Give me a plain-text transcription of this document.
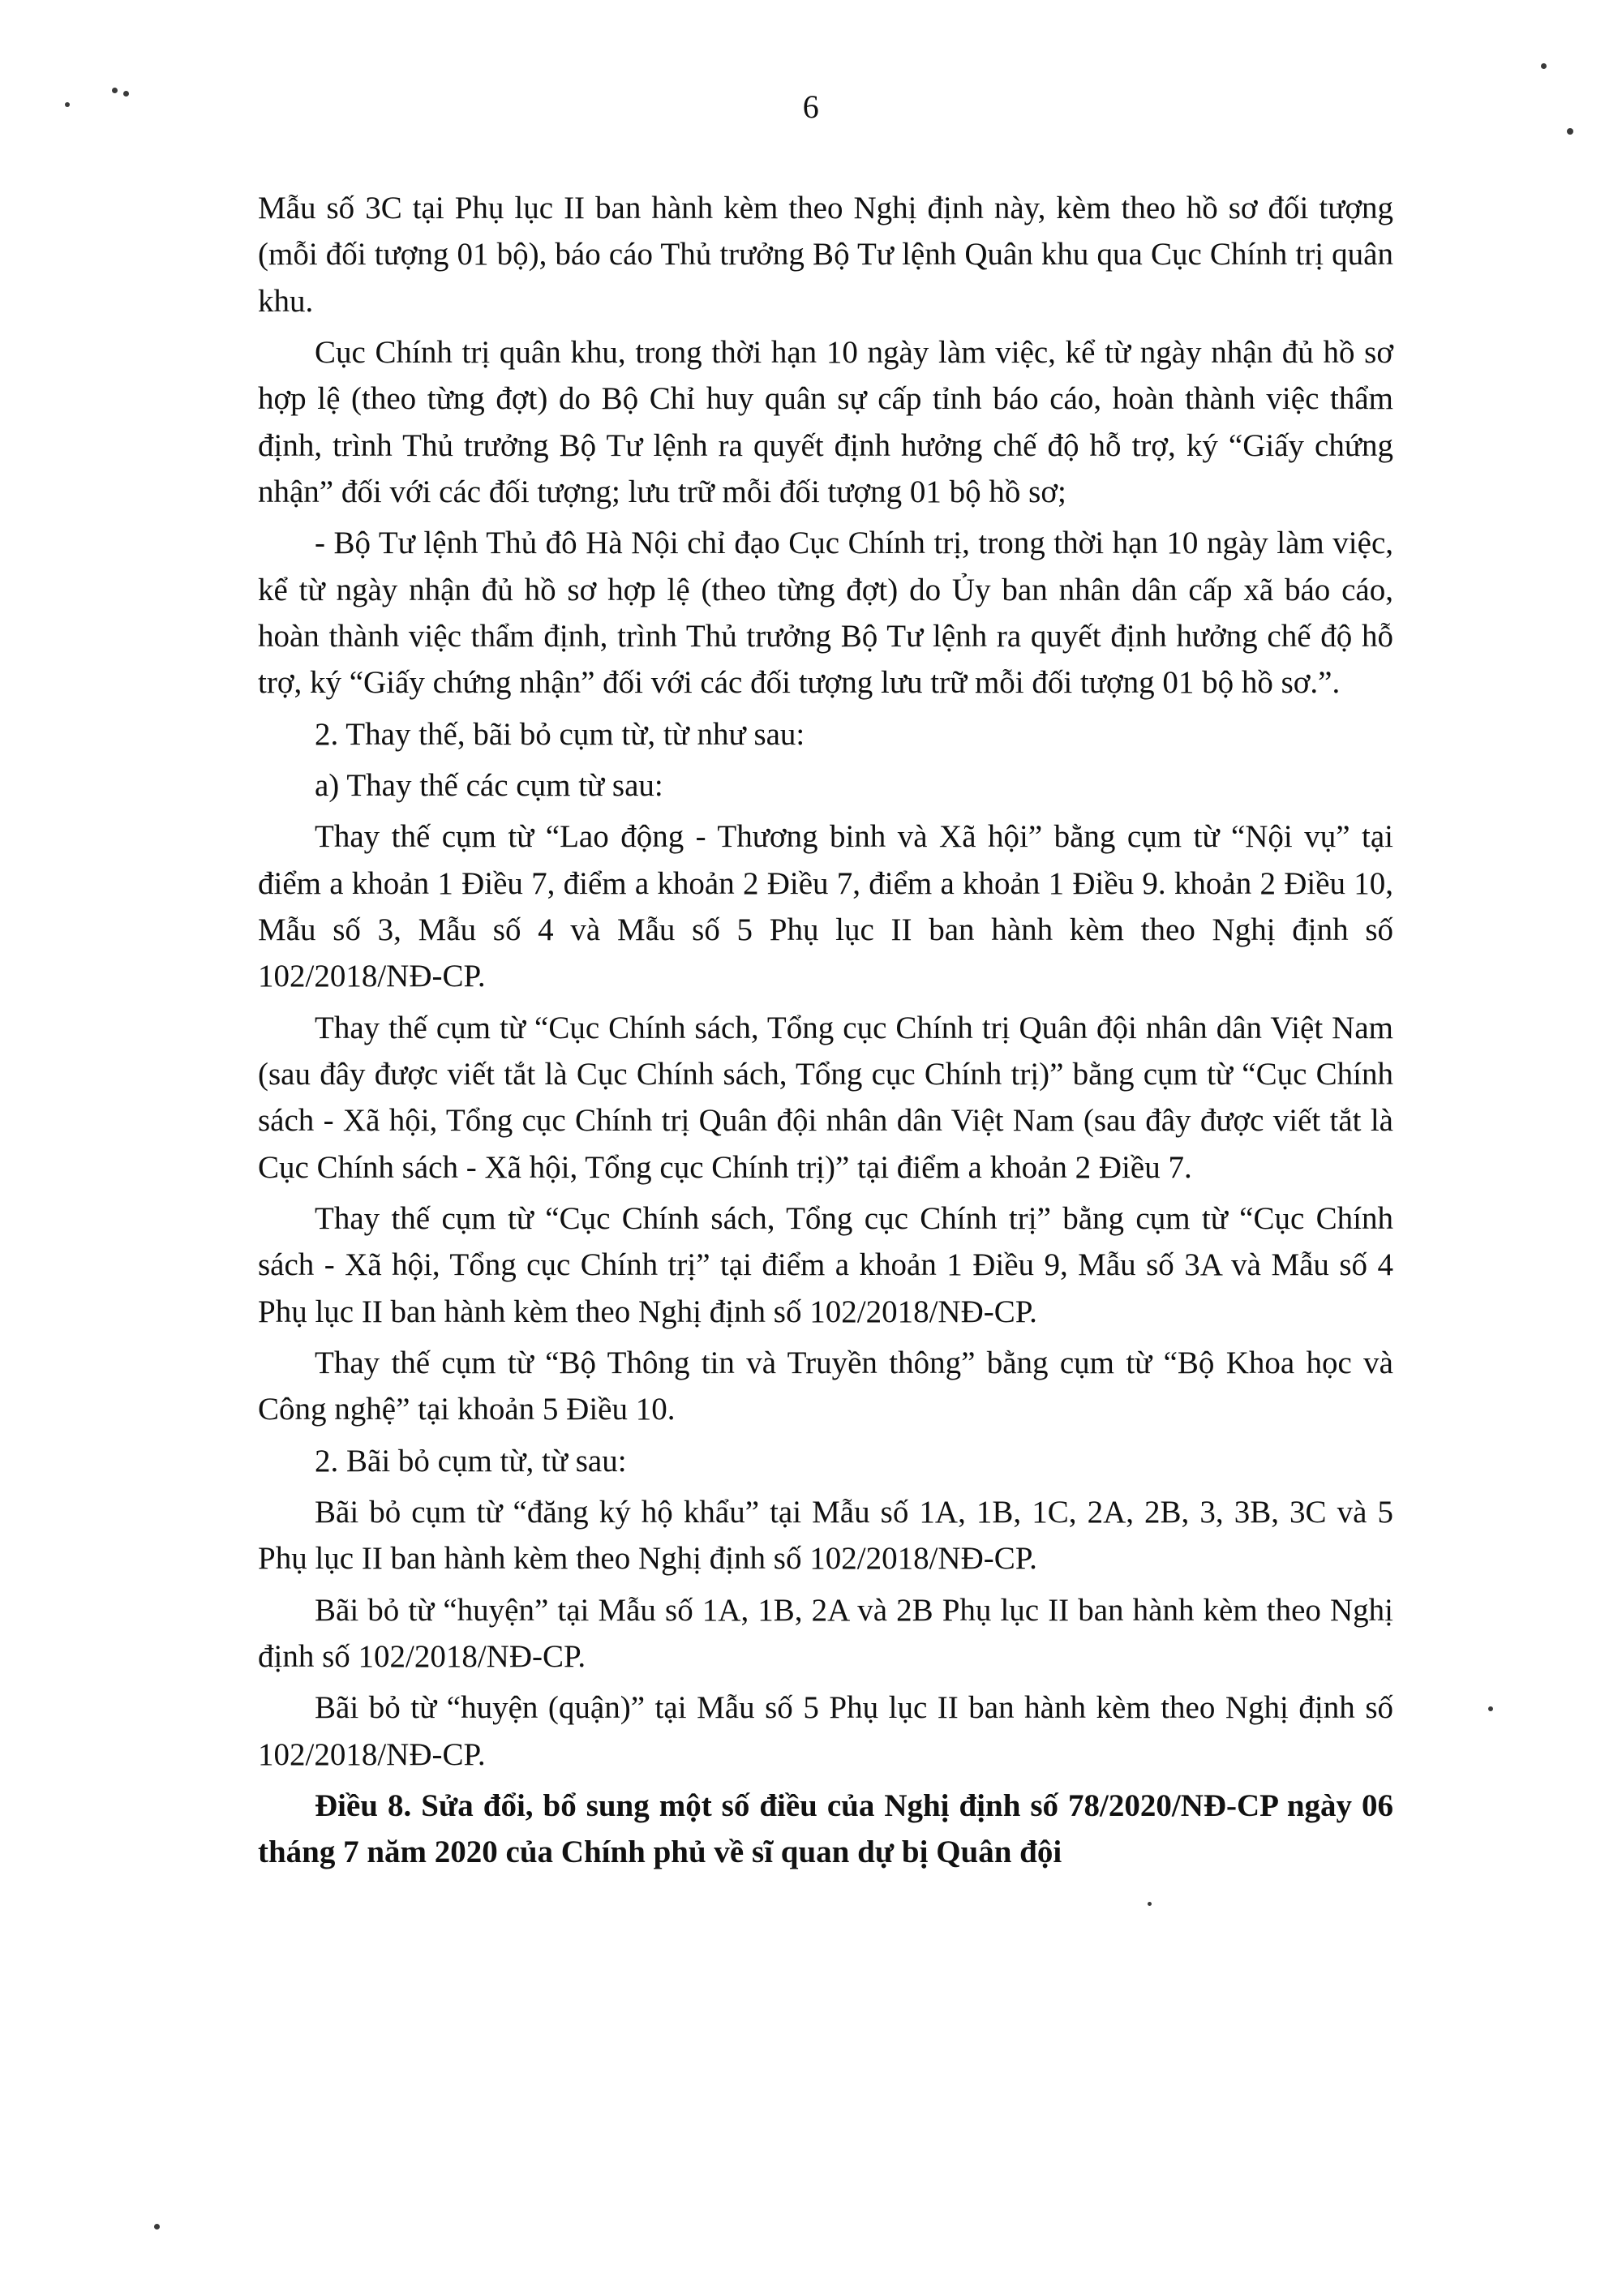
6

Mẫu số 3C tại Phụ lục II ban hành kèm theo Nghị định này, kèm theo hồ sơ đối tượng (mỗi đối tượng 01 bộ), báo cáo Thủ trưởng Bộ Tư lệnh Quân khu qua Cục Chính trị quân khu.

Cục Chính trị quân khu, trong thời hạn 10 ngày làm việc, kể từ ngày nhận đủ hồ sơ hợp lệ (theo từng đợt) do Bộ Chỉ huy quân sự cấp tỉnh báo cáo, hoàn thành việc thẩm định, trình Thủ trưởng Bộ Tư lệnh ra quyết định hưởng chế độ hỗ trợ, ký “Giấy chứng nhận” đối với các đối tượng; lưu trữ mỗi đối tượng 01 bộ hồ sơ;

- Bộ Tư lệnh Thủ đô Hà Nội chỉ đạo Cục Chính trị, trong thời hạn 10 ngày làm việc, kể từ ngày nhận đủ hồ sơ hợp lệ (theo từng đợt) do Ủy ban nhân dân cấp xã báo cáo, hoàn thành việc thẩm định, trình Thủ trưởng Bộ Tư lệnh ra quyết định hưởng chế độ hỗ trợ, ký “Giấy chứng nhận” đối với các đối tượng lưu trữ mỗi đối tượng 01 bộ hồ sơ.”.

2. Thay thế, bãi bỏ cụm từ, từ như sau:

a) Thay thế các cụm từ sau:

Thay thế cụm từ “Lao động - Thương binh và Xã hội” bằng cụm từ “Nội vụ” tại điểm a khoản 1 Điều 7, điểm a khoản 2 Điều 7, điểm a khoản 1 Điều 9. khoản 2 Điều 10, Mẫu số 3, Mẫu số 4 và Mẫu số 5 Phụ lục II ban hành kèm theo Nghị định số 102/2018/NĐ-CP.

Thay thế cụm từ “Cục Chính sách, Tổng cục Chính trị Quân đội nhân dân Việt Nam (sau đây được viết tắt là Cục Chính sách, Tổng cục Chính trị)” bằng cụm từ “Cục Chính sách - Xã hội, Tổng cục Chính trị Quân đội nhân dân Việt Nam (sau đây được viết tắt là Cục Chính sách - Xã hội, Tổng cục Chính trị)” tại điểm a khoản 2 Điều 7.

Thay thế cụm từ “Cục Chính sách, Tổng cục Chính trị” bằng cụm từ “Cục Chính sách - Xã hội, Tổng cục Chính trị” tại điểm a khoản 1 Điều 9, Mẫu số 3A và Mẫu số 4 Phụ lục II ban hành kèm theo Nghị định số 102/2018/NĐ-CP.

Thay thế cụm từ “Bộ Thông tin và Truyền thông” bằng cụm từ “Bộ Khoa học và Công nghệ” tại khoản 5 Điều 10.

2. Bãi bỏ cụm từ, từ sau:

Bãi bỏ cụm từ “đăng ký hộ khẩu” tại Mẫu số 1A, 1B, 1C, 2A, 2B, 3, 3B, 3C và 5 Phụ lục II ban hành kèm theo Nghị định số 102/2018/NĐ-CP.

Bãi bỏ từ “huyện” tại Mẫu số 1A, 1B, 2A và 2B Phụ lục II ban hành kèm theo Nghị định số 102/2018/NĐ-CP.

Bãi bỏ từ “huyện (quận)” tại Mẫu số 5 Phụ lục II ban hành kèm theo Nghị định số 102/2018/NĐ-CP.

Điều 8. Sửa đổi, bổ sung một số điều của Nghị định số 78/2020/NĐ-CP ngày 06 tháng 7 năm 2020 của Chính phủ về sĩ quan dự bị Quân đội
